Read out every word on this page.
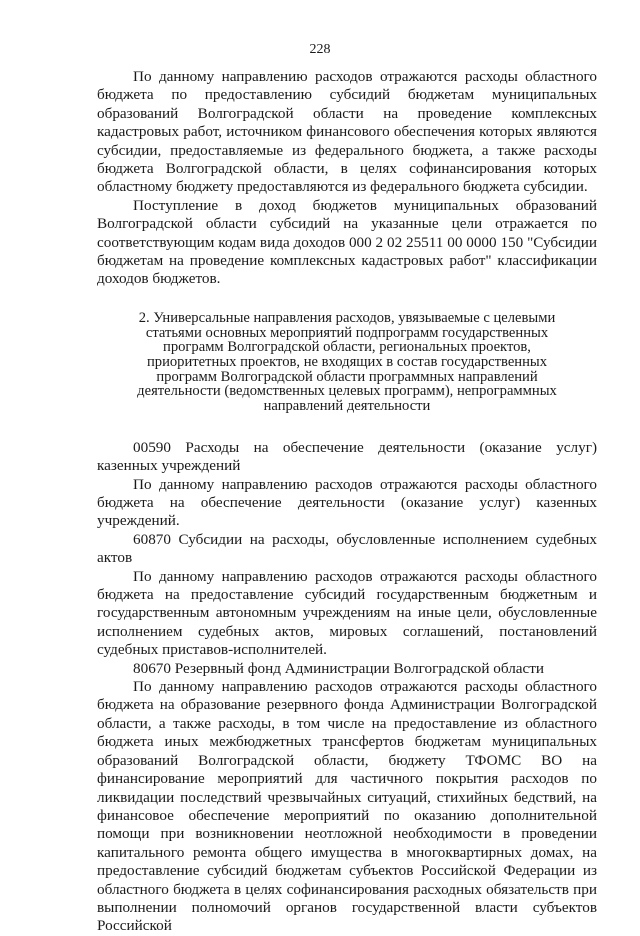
228

По данному направлению расходов отражаются расходы областного бюджета по предоставлению субсидий бюджетам муниципальных образований Волгоградской области на проведение комплексных кадастровых работ, источником финансового обеспечения которых являются субсидии, предоставляемые из федерального бюджета, а также расходы бюджета Волгоградской области, в целях софинансирования которых областному бюджету предоставляются из федерального бюджета субсидии.

Поступление в доход бюджетов муниципальных образований Волгоградской области субсидий на указанные цели отражается по соответствующим кодам вида доходов 000 2 02 25511 00 0000 150 "Субсидии бюджетам на проведение комплексных кадастровых работ" классификации доходов бюджетов.

2. Универсальные направления расходов, увязываемые с целевыми статьями основных мероприятий подпрограмм государственных программ Волгоградской области, региональных проектов, приоритетных проектов, не входящих в состав государственных программ Волгоградской области программных направлений деятельности (ведомственных целевых программ), непрограммных направлений деятельности

00590 Расходы на обеспечение деятельности (оказание услуг) казенных учреждений

По данному направлению расходов отражаются расходы областного бюджета на обеспечение деятельности (оказание услуг) казенных учреждений.

60870 Субсидии на расходы, обусловленные исполнением судебных актов

По данному направлению расходов отражаются расходы областного бюджета на предоставление субсидий государственным бюджетным и государственным автономным учреждениям на иные цели, обусловленные исполнением судебных актов, мировых соглашений, постановлений судебных приставов-исполнителей.

80670 Резервный фонд Администрации Волгоградской области

По данному направлению расходов отражаются расходы областного бюджета на образование резервного фонда Администрации Волгоградской области, а также расходы, в том числе на предоставление из областного бюджета иных межбюджетных трансфертов бюджетам муниципальных образований Волгоградской области, бюджету ТФОМС ВО на финансирование мероприятий для частичного покрытия расходов по ликвидации последствий чрезвычайных ситуаций, стихийных бедствий, на финансовое обеспечение мероприятий по оказанию дополнительной помощи при возникновении неотложной необходимости в проведении капитального ремонта общего имущества в многоквартирных домах, на предоставление субсидий бюджетам субъектов Российской Федерации из областного бюджета в целях софинансирования расходных обязательств при выполнении полномочий органов государственной власти субъектов Российской
